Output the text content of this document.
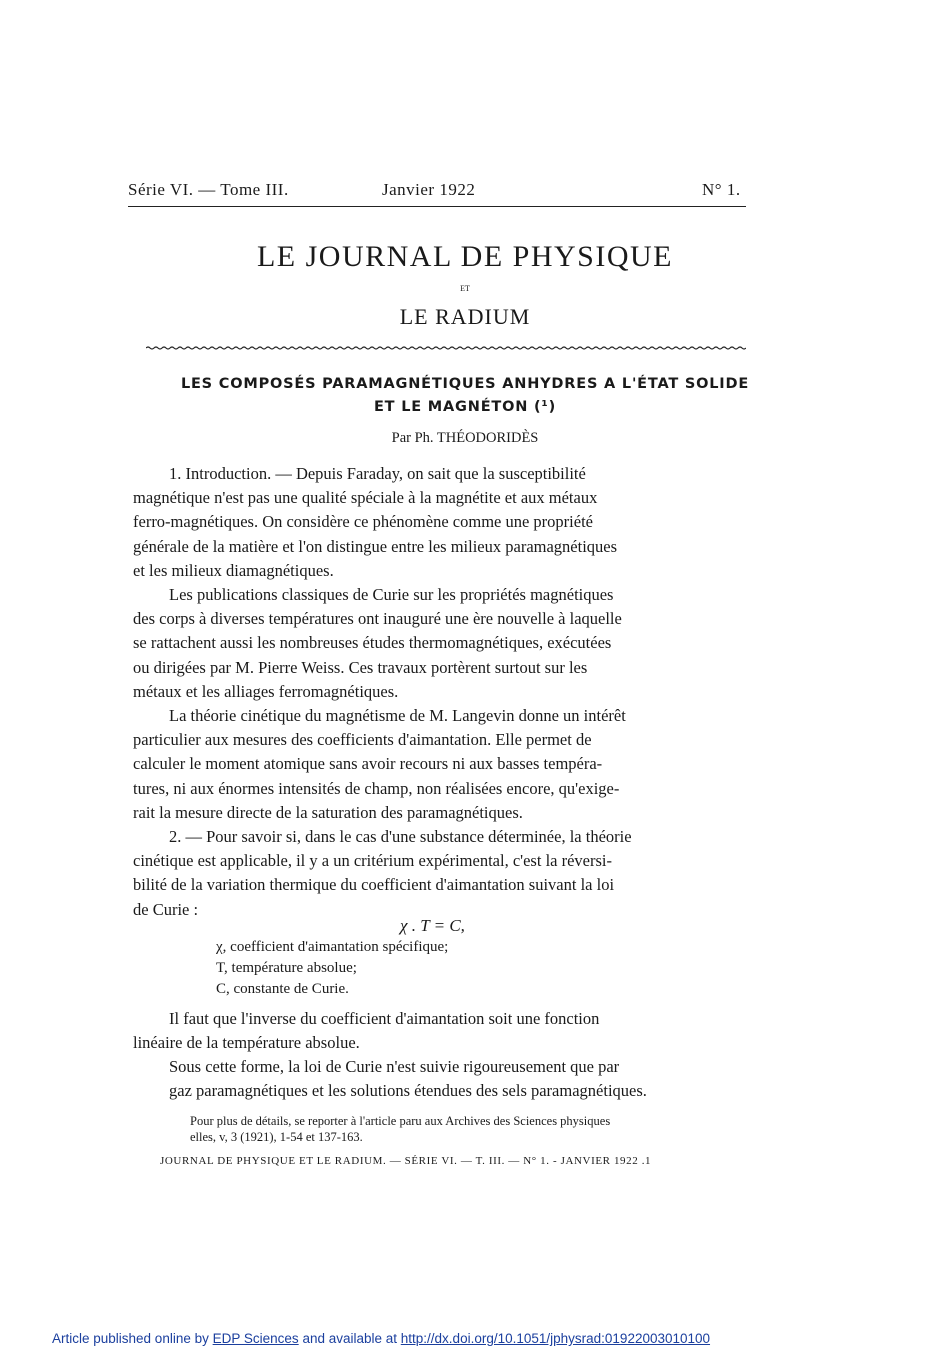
Série VI. — Tome III.	Janvier 1922	N° 1.
LE JOURNAL DE PHYSIQUE
ET
LE RADIUM
LES COMPOSÉS PARAMAGNÉTIQUES ANHYDRES A L'ÉTAT SOLIDE
ET LE MAGNÉTON (¹)
Par Ph. THÉODORIDÈS
1. Introduction. — Depuis Faraday, on sait que la susceptibilité
magnétique n'est pas une qualité spéciale à la magnétite et aux métaux
ferro-magnétiques. On considère ce phénomène comme une propriété
générale de la matière et l'on distingue entre les milieux paramagnétiques
et les milieux diamagnétiques.
Les publications classiques de Curie sur les propriétés magnétiques
des corps à diverses températures ont inauguré une ère nouvelle à laquelle
se rattachent aussi les nombreuses études thermomagnétiques, exécutées
ou dirigées par M. Pierre Weiss. Ces travaux portèrent surtout sur les
métaux et les alliages ferromagnétiques.
La théorie cinétique du magnétisme de M. Langevin donne un intérêt
particulier aux mesures des coefficients d'aimantation. Elle permet de
calculer le moment atomique sans avoir recours ni aux basses tempéra-
tures, ni aux énormes intensités de champ, non réalisées encore, qu'exige-
rait la mesure directe de la saturation des paramagnétiques.
2. — Pour savoir si, dans le cas d'une substance déterminée, la théorie
cinétique est applicable, il y a un critérium expérimental, c'est la réversi-
bilité de la variation thermique du coefficient d'aimantation suivant la loi
de Curie :
χ . T = C,
χ, coefficient d'aimantation spécifique;
T, température absolue;
C, constante de Curie.
Il faut que l'inverse du coefficient d'aimantation soit une fonction
linéaire de la température absolue.
Sous cette forme, la loi de Curie n'est suivie rigoureusement que par
gaz paramagnétiques et les solutions étendues des sels paramagnétiques.
Pour plus de détails, se reporter à l'article paru aux Archives des Sciences physiques
elles, v, 3 (1921), 1-54 et 137-163.
JOURNAL DE PHYSIQUE ET LE RADIUM. — SÉRIE VI. — T. III. — N° 1. - JANVIER 1922 .1
Article published online by EDP Sciences and available at http://dx.doi.org/10.1051/jphysrad:01922003010100
